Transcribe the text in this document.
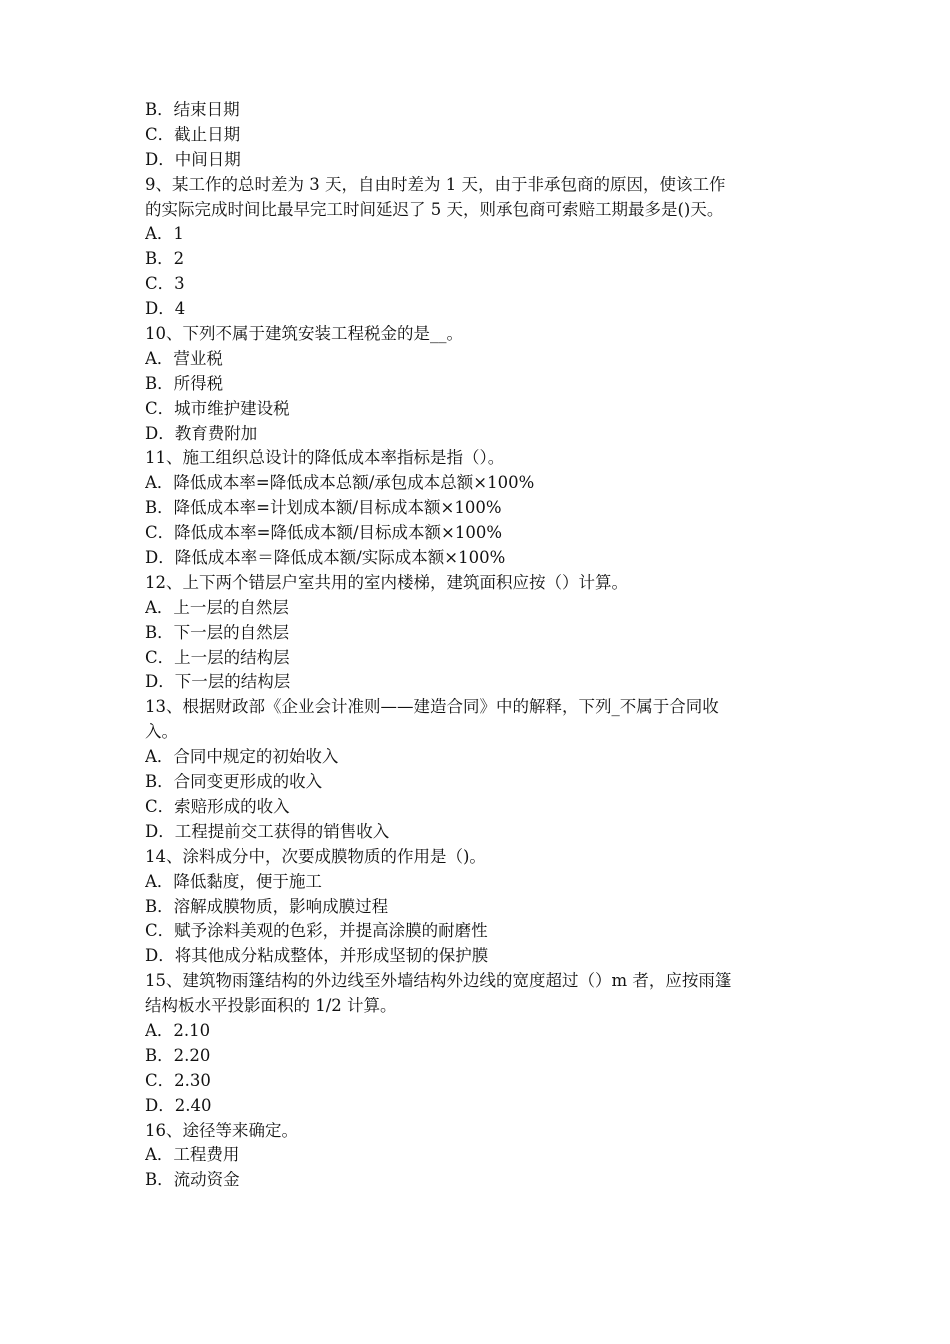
B．结束日期
C．截止日期
D．中间日期
9、某工作的总时差为 3 天，自由时差为 1 天，由于非承包商的原因，使该工作
的实际完成时间比最早完工时间延迟了 5 天，则承包商可索赔工期最多是()天。
A．1
B．2
C．3
D．4
10、下列不属于建筑安装工程税金的是__。
A．营业税
B．所得税
C．城市维护建设税
D．教育费附加
11、施工组织总设计的降低成本率指标是指（）。
A．降低成本率=降低成本总额/承包成本总额×100%
B．降低成本率=计划成本额/目标成本额×100%
C．降低成本率=降低成本额/目标成本额×100%
D．降低成本率＝降低成本额/实际成本额×100%
12、上下两个错层户室共用的室内楼梯，建筑面积应按（）计算。
A．上一层的自然层
B．下一层的自然层
C．上一层的结构层
D．下一层的结构层
13、根据财政部《企业会计准则——建造合同》中的解释，下列_不属于合同收
入。
A．合同中规定的初始收入
B．合同变更形成的收入
C．索赔形成的收入
D．工程提前交工获得的销售收入
14、涂料成分中，次要成膜物质的作用是（)。
A．降低黏度，便于施工
B．溶解成膜物质，影响成膜过程
C．赋予涂料美观的色彩，并提高涂膜的耐磨性
D．将其他成分粘成整体，并形成坚韧的保护膜
15、建筑物雨篷结构的外边线至外墙结构外边线的宽度超过（）m 者，应按雨篷
结构板水平投影面积的 1/2 计算。
A．2.10
B．2.20
C．2.30
D．2.40
16、途径等来确定。
A．工程费用
B．流动资金
